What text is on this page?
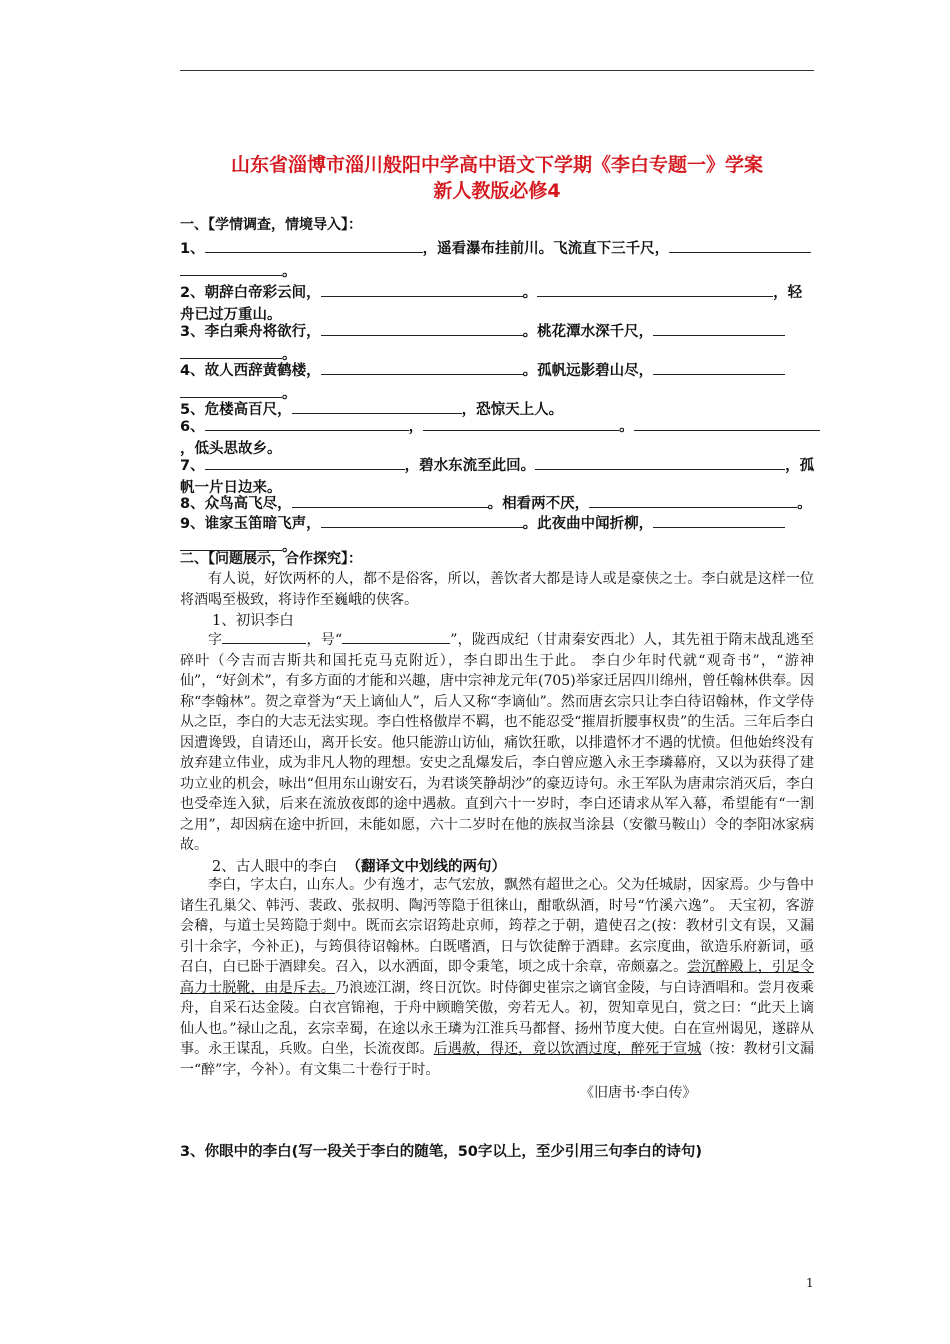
山东省淄博市淄川般阳中学高中语文下学期《李白专题一》学案
新人教版必修4
一、【学情调查，情境导入】：
1、	，遥看瀑布挂前川。飞流直下三千尺，
。
2、朝辞白帝彩云间，	。	，轻
舟已过万重山。
3、李白乘舟将欲行，	。桃花潭水深千尺，
。
4、故人西辞黄鹤楼，	。孤帆远影碧山尽，
。
5、危楼高百尺，	，恐惊天上人。
6、	，	。
，低头思故乡。
7、	，碧水东流至此回。	，孤
帆一片日边来。
8、众鸟高飞尽，	。相看两不厌，	。
9、谁家玉笛暗飞声，	。此夜曲中闻折柳，
。
二、【问题展示，合作探究】：
有人说，好饮两杯的人，都不是俗客，所以，善饮者大都是诗人或是豪侠之士。李白就是这样一位将酒喝至极致，将诗作至巍峨的侠客。
1、初识李白
字	，号“	”，陇西成纪（甘肃秦安西北）人，其先祖于隋末战乱逃至碎叶（今吉而吉斯共和国托克马克附近），李白即出生于此。 李白少年时代就“观奇书”，“游神仙”，“好剑术”，有多方面的才能和兴趣，唐中宗神龙元年(705)举家迁居四川绵州，曾任翰林供奉。因称“李翰林”。贺之章誉为“天上谪仙人”，后人又称“李谪仙”。然而唐玄宗只让李白待诏翰林，作文学侍从之臣，李白的大志无法实现。李白性格傲岸不羁，也不能忍受“摧眉折腰事权贵”的生活。三年后李白因遭谗毁，自请还山，离开长安。他只能游山访仙，痛饮狂歌，以排遣怀才不遇的忧愤。但他始终没有放弃建立伟业，成为非凡人物的理想。安史之乱爆发后，李白曾应邀入永王李璘幕府，又以为获得了建功立业的机会，咏出“但用东山谢安石，为君谈笑静胡沙”的豪迈诗句。永王军队为唐肃宗消灭后，李白也受牵连入狱，后来在流放夜郎的途中遇赦。直到六十一岁时，李白还请求从军入幕，希望能有“一割之用”，却因病在途中折回，未能如愿，六十二岁时在他的族叔当涂县（安徽马鞍山）令的李阳冰家病故。
2、古人眼中的李白 （翻译文中划线的两句）
李白，字太白，山东人。少有逸才，志气宏放，飘然有超世之心。父为任城尉，因家焉。少与鲁中诸生孔巢父、韩沔、裴政、张叔明、陶沔等隐于徂徕山，酣歌纵酒，时号“竹溪六逸”。 天宝初，客游会稽，与道士吴筠隐于剡中。既而玄宗诏筠赴京师，筠荐之于朝，遣使召之(按：教材引文有误，又漏引十余字，今补正)，与筠俱待诏翰林。白既嗜酒，日与饮徒醉于酒肆。玄宗度曲，欲造乐府新词，亟召白，白已卧于酒肆矣。召入，以水洒面，即令秉笔，顷之成十余章，帝颇嘉之。尝沉醉殿上，引足令高力士脱靴，由是斥去。乃浪迹江湖，终日沉饮。时侍御史崔宗之谪官金陵，与白诗酒唱和。尝月夜乘舟，自采石达金陵。白衣宫锦袍，于舟中顾瞻笑傲，旁若无人。初，贺知章见白，赏之曰：“此天上谪仙人也。”禄山之乱，玄宗幸蜀，在途以永王璘为江淮兵马都督、扬州节度大使。白在宣州谒见，遂辟从事。永王谋乱，兵败。白坐，长流夜郎。后遇赦，得还，竟以饮酒过度，醉死于宣城（按：教材引文漏一“醉”字，今补）。有文集二十卷行于时。
《旧唐书·李白传》
3、你眼中的李白(写一段关于李白的随笔，50字以上，至少引用三句李白的诗句)
1
